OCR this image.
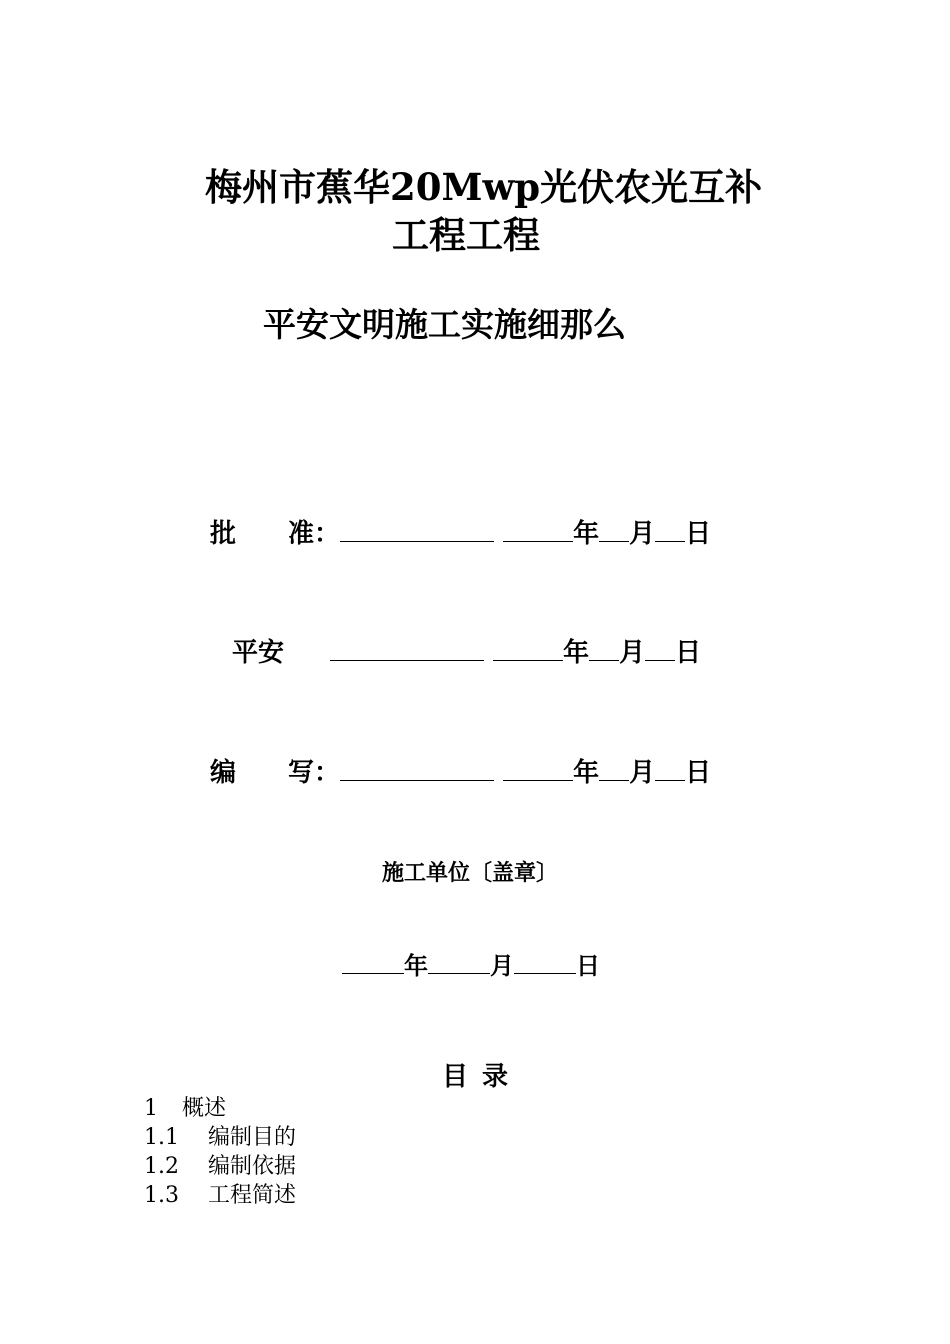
梅州市蕉华20Mwp光伏农光互补
工程工程
平安文明施工实施细那么
批　　准：	年 月 日
平安	年 月 日
编　　写：	年 月 日
施工单位〔盖章〕
年	月	日
目录
1 概述
1.1 编制目的
1.2 编制依据
1.3 工程简述
